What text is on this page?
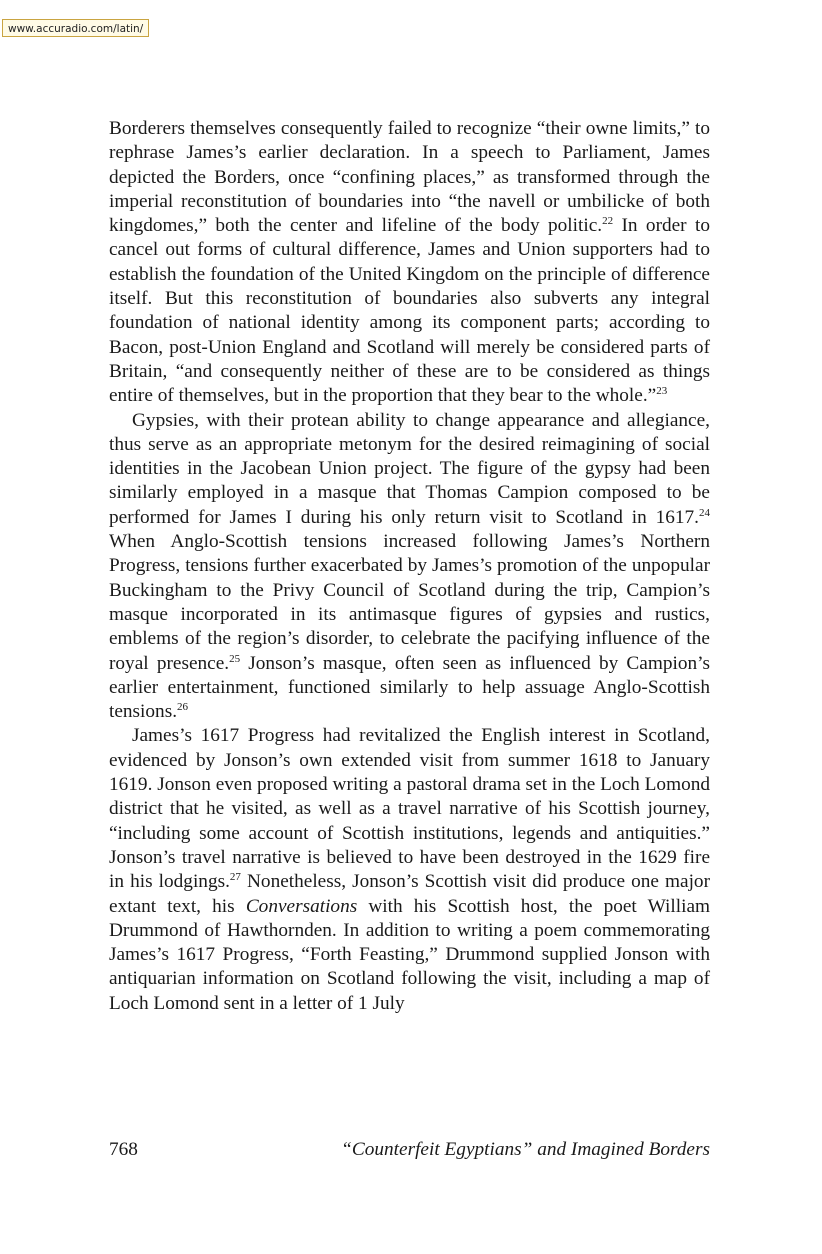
www.accuradio.com/latin/

Borderers themselves consequently failed to recognize “their owne limits,” to rephrase James’s earlier declaration. In a speech to Parliament, James depicted the Borders, once “confining places,” as transformed through the imperial reconstitution of boundaries into “the navell or umbilicke of both kingdomes,” both the center and lifeline of the body politic.$^{22}$ In order to cancel out forms of cultural difference, James and Union supporters had to establish the foundation of the United Kingdom on the principle of difference itself. But this reconstitution of boundaries also subverts any integral foundation of national identity among its component parts; according to Bacon, post-Union England and Scotland will merely be considered parts of Britain, “and consequently neither of these are to be considered as things entire of themselves, but in the proportion that they bear to the whole.”$^{23}$

Gypsies, with their protean ability to change appearance and allegiance, thus serve as an appropriate metonym for the desired reimagining of social identities in the Jacobean Union project. The figure of the gypsy had been similarly employed in a masque that Thomas Campion composed to be performed for James I during his only return visit to Scotland in 1617.24 When Anglo-Scottish tensions increased following James’s Northern Progress, tensions further exacerbated by James’s promotion of the unpopular Buckingham to the Privy Council of Scotland during the trip, Campion’s masque incorporated in its antimasque figures of gypsies and rustics, emblems of the region’s disorder, to celebrate the pacifying influence of the royal presence.$^{25}$ Jonson’s masque, often seen as influenced by Campion’s earlier entertainment, functioned similarly to help assuage Anglo-Scottish tensions.$^{26}$

James’s 1617 Progress had revitalized the English interest in Scotland, evidenced by Jonson’s own extended visit from summer 1618 to January 1619. Jonson even proposed writing a pastoral drama set in the Loch Lomond district that he visited, as well as a travel narrative of his Scottish journey, “including some account of Scottish institutions, legends and antiquities.” Jonson’s travel narrative is believed to have been destroyed in the 1629 fire in his lodgings.$^{27}$ Nonetheless, Jonson’s Scottish visit did produce one major extant text, his Conversations with his Scottish host, the poet William Drummond of Hawthornden. In addition to writing a poem commemorating James’s 1617 Progress, “Forth Feasting,” Drummond supplied Jonson with antiquarian information on Scotland following the visit, including a map of Loch Lomond sent in a letter of 1 July

768	“Counterfeit Egyptians” and Imagined Borders
